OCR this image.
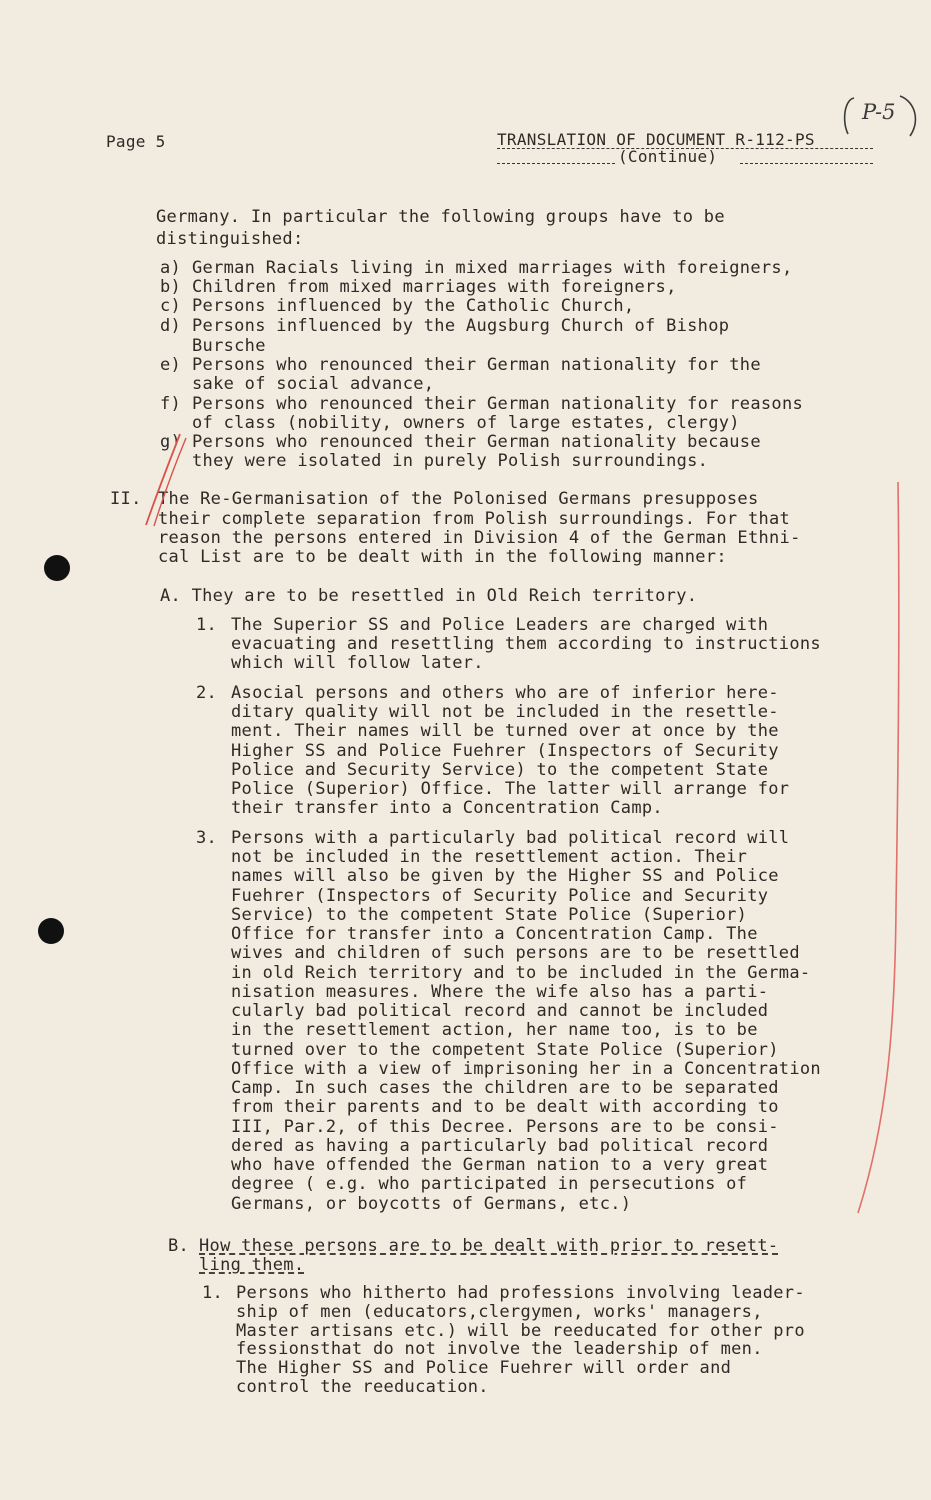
Page 5	TRANSLATION OF DOCUMENT R-112-PS
(Continue)
P-5
Germany. In particular the following groups have to be
distinguished:
a) German Racials living in mixed marriages with foreigners,
b) Children from mixed marriages with foreigners,
c) Persons influenced by the Catholic Church,
d) Persons influenced by the Augsburg Church of Bishop
Bursche
e) Persons who renounced their German nationality for the
sake of social advance,
f) Persons who renounced their German nationality for reasons
of class (nobility, owners of large estates, clergy)
g) Persons who renounced their German nationality because
they were isolated in purely Polish surroundings.
II. The Re-Germanisation of the Polonised Germans presupposes
their complete separation from Polish surroundings. For that
reason the persons entered in Division 4 of the German Ethni-
cal List are to be dealt with in the following manner:
A. They are to be resettled in Old Reich territory.
1. The Superior SS and Police Leaders are charged with
evacuating and resettling them according to instructions
which will follow later.
2. Asocial persons and others who are of inferior here-
ditary quality will not be included in the resettle-
ment. Their names will be turned over at once by the
Higher SS and Police Fuehrer (Inspectors of Security
Police and Security Service) to the competent State
Police (Superior) Office. The latter will arrange for
their transfer into a Concentration Camp.
3. Persons with a particularly bad political record will
not be included in the resettlement action. Their
names will also be given by the Higher SS and Police
Fuehrer (Inspectors of Security Police and Security
Service) to the competent State Police (Superior)
Office for transfer into a Concentration Camp. The
wives and children of such persons are to be resettled
in old Reich territory and to be included in the Germa-
nisation measures. Where the wife also has a parti-
cularly bad political record and cannot be included
in the resettlement action, her name too, is to be
turned over to the competent State Police (Superior)
Office with a view of imprisoning her in a Concentration
Camp. In such cases the children are to be separated
from their parents and to be dealt with according to
III, Par.2, of this Decree. Persons are to be consi-
dered as having a particularly bad political record
who have offended the German nation to a very great
degree ( e.g. who participated in persecutions of
Germans, or boycotts of Germans, etc.)
B. How these persons are to be dealt with prior to resett-
ling them.
1. Persons who hitherto had professions involving leader-
ship of men (educators,clergymen, works' managers,
Master artisans etc.) will be reeducated for other pro
fessionsthat do not involve the leadership of men.
The Higher SS and Police Fuehrer will order and
control the reeducation.
